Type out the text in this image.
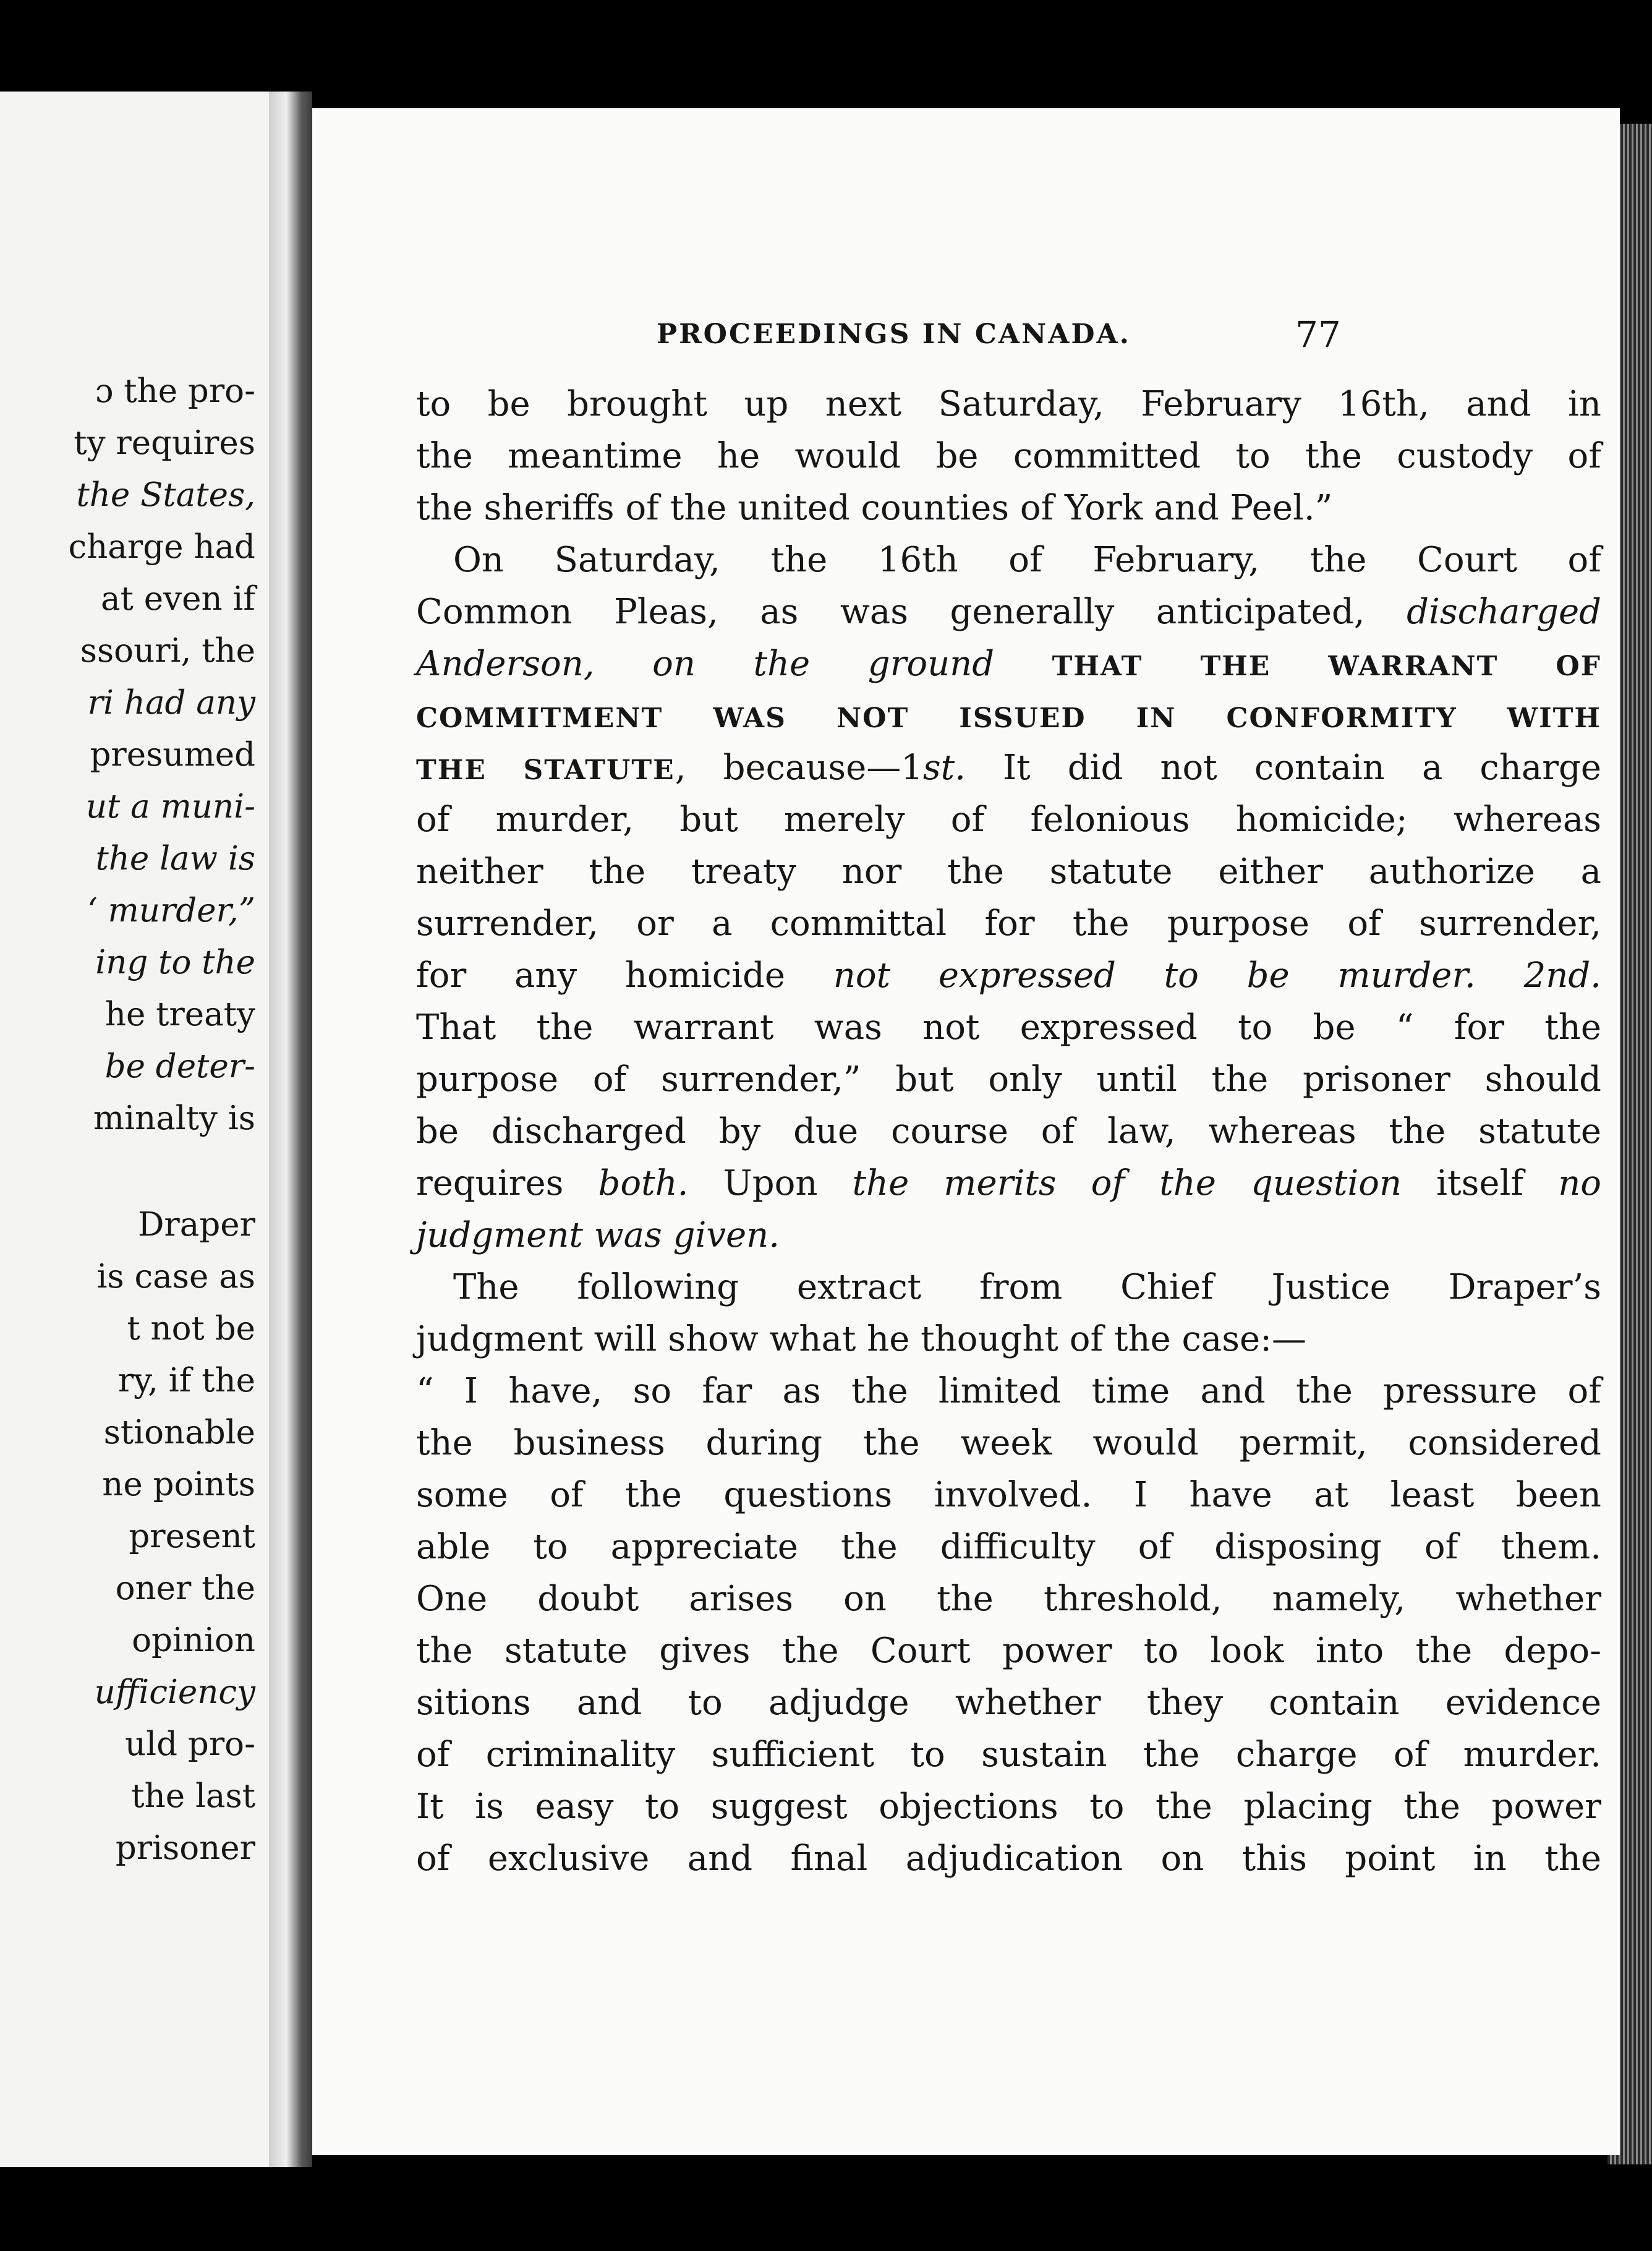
ɔ the pro-
ty requires
the States,
charge had
at even if
ssouri, the
ri had any
presumed
ut a muni-
the law is
‘ murder,”
ing to the
he treaty
be deter-
minalty is
Draper
is case as
t not be
ry, if the
stionable
ne points
present
oner the
opinion
ufficiency
uld pro-
the last
prisoner
PROCEEDINGS IN CANADA.	77
to be brought up next Saturday, February 16th, and in
the meantime he would be committed to the custody of
the sheriffs of the united counties of York and Peel.”
On Saturday, the 16th of February, the Court of
Common Pleas, as was generally anticipated, discharged
Anderson, on the ground THAT THE WARRANT OF
COMMITMENT WAS NOT ISSUED IN CONFORMITY WITH
THE STATUTE, because—1st. It did not contain a charge
of murder, but merely of felonious homicide; whereas
neither the treaty nor the statute either authorize a
surrender, or a committal for the purpose of surrender,
for any homicide not expressed to be murder. 2nd.
That the warrant was not expressed to be “ for the
purpose of surrender,” but only until the prisoner should
be discharged by due course of law, whereas the statute
requires both. Upon the merits of the question itself no
judgment was given.
The following extract from Chief Justice Draper’s
judgment will show what he thought of the case:—
“ I have, so far as the limited time and the pressure of
the business during the week would permit, considered
some of the questions involved. I have at least been
able to appreciate the difficulty of disposing of them.
One doubt arises on the threshold, namely, whether
the statute gives the Court power to look into the depo-
sitions and to adjudge whether they contain evidence
of criminality sufficient to sustain the charge of murder.
It is easy to suggest objections to the placing the power
of exclusive and final adjudication on this point in the
